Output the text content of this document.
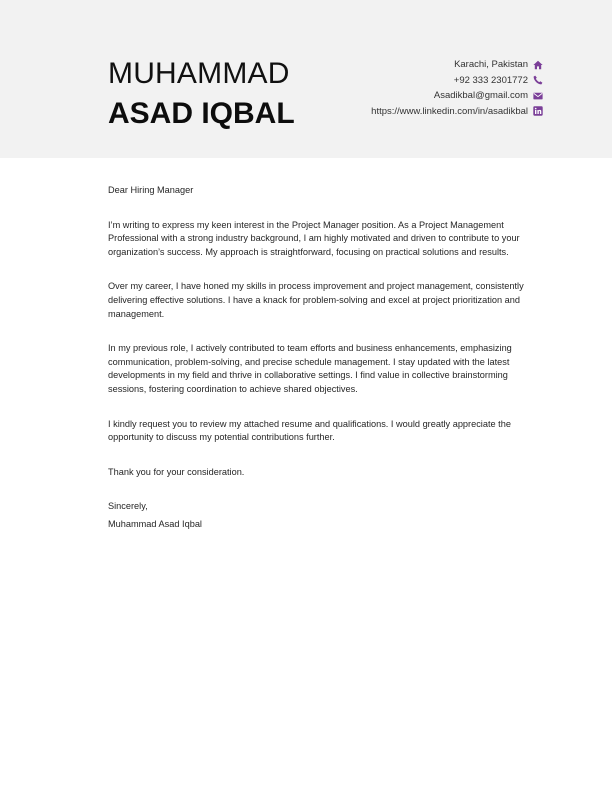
MUHAMMAD
ASAD IQBAL
Karachi, Pakistan
+92 333 2301772
Asadikbal@gmail.com
https://www.linkedin.com/in/asadikbal

Dear Hiring Manager

I’m writing to express my keen interest in the Project Manager position. As a Project Management Professional with a strong industry background, I am highly motivated and driven to contribute to your organization’s success. My approach is straightforward, focusing on practical solutions and results.

Over my career, I have honed my skills in process improvement and project management, consistently delivering effective solutions. I have a knack for problem-solving and excel at project prioritization and management.

In my previous role, I actively contributed to team efforts and business enhancements, emphasizing communication, problem-solving, and precise schedule management. I stay updated with the latest developments in my field and thrive in collaborative settings. I find value in collective brainstorming sessions, fostering coordination to achieve shared objectives.

I kindly request you to review my attached resume and qualifications. I would greatly appreciate the opportunity to discuss my potential contributions further.

Thank you for your consideration.

Sincerely,

Muhammad Asad Iqbal
